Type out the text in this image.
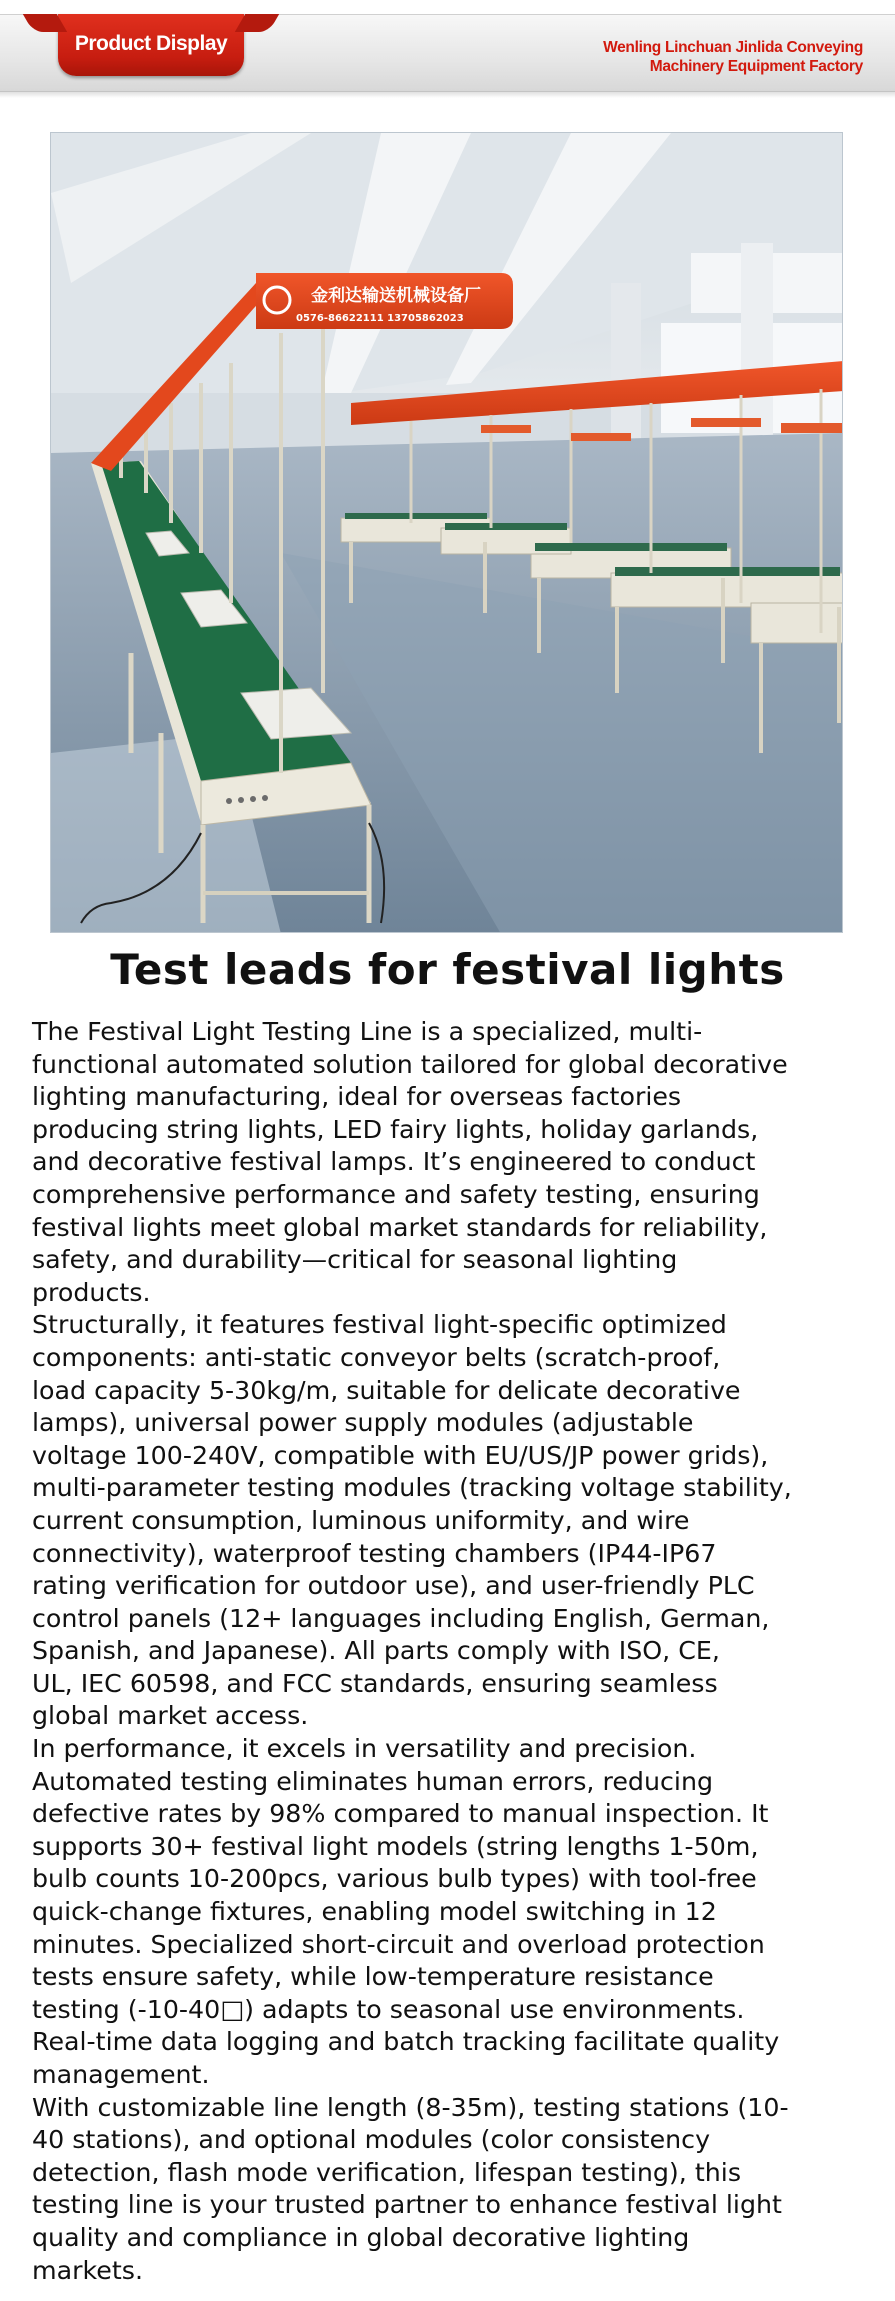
Product Display	Wenling Linchuan Jinlida Conveying
Machinery Equipment Factory
金利达输送机械设备厂
0576-86622111 13705862023
Test leads for festival lights
The Festival Light Testing Line is a specialized, multi-
functional automated solution tailored for global decorative
lighting manufacturing, ideal for overseas factories
producing string lights, LED fairy lights, holiday garlands,
and decorative festival lamps. It’s engineered to conduct
comprehensive performance and safety testing, ensuring
festival lights meet global market standards for reliability,
safety, and durability—critical for seasonal lighting
products.
Structurally, it features festival light-specific optimized
components: anti-static conveyor belts (scratch-proof,
load capacity 5-30kg/m, suitable for delicate decorative
lamps), universal power supply modules (adjustable
voltage 100-240V, compatible with EU/US/JP power grids),
multi-parameter testing modules (tracking voltage stability,
current consumption, luminous uniformity, and wire
connectivity), waterproof testing chambers (IP44-IP67
rating verification for outdoor use), and user-friendly PLC
control panels (12+ languages including English, German,
Spanish, and Japanese). All parts comply with ISO, CE,
UL, IEC 60598, and FCC standards, ensuring seamless
global market access.
In performance, it excels in versatility and precision.
Automated testing eliminates human errors, reducing
defective rates by 98% compared to manual inspection. It
supports 30+ festival light models (string lengths 1-50m,
bulb counts 10-200pcs, various bulb types) with tool-free
quick-change fixtures, enabling model switching in 12
minutes. Specialized short-circuit and overload protection
tests ensure safety, while low-temperature resistance
testing (-10-40□) adapts to seasonal use environments.
Real-time data logging and batch tracking facilitate quality
management.
With customizable line length (8-35m), testing stations (10-
40 stations), and optional modules (color consistency
detection, flash mode verification, lifespan testing), this
testing line is your trusted partner to enhance festival light
quality and compliance in global decorative lighting
markets.
